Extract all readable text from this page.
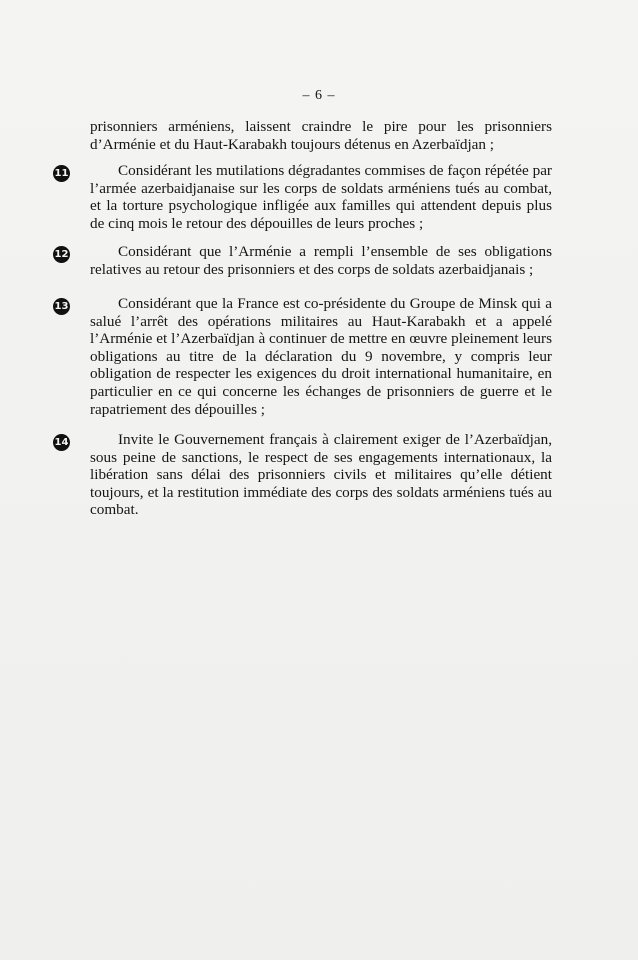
– 6 –
prisonniers arméniens, laissent craindre le pire pour les prisonniers d’Arménie et du Haut-Karabakh toujours détenus en Azerbaïdjan ;
11	Considérant les mutilations dégradantes commises de façon répétée par l’armée azerbaidjanaise sur les corps de soldats arméniens tués au combat, et la torture psychologique infligée aux familles qui attendent depuis plus de cinq mois le retour des dépouilles de leurs proches ;
12	Considérant que l’Arménie a rempli l’ensemble de ses obligations relatives au retour des prisonniers et des corps de soldats azerbaidjanais ;
13	Considérant que la France est co-présidente du Groupe de Minsk qui a salué l’arrêt des opérations militaires au Haut-Karabakh et a appelé l’Arménie et l’Azerbaïdjan à continuer de mettre en œuvre pleinement leurs obligations au titre de la déclaration du 9 novembre, y compris leur obligation de respecter les exigences du droit international humanitaire, en particulier en ce qui concerne les échanges de prisonniers de guerre et le rapatriement des dépouilles ;
14	Invite le Gouvernement français à clairement exiger de l’Azerbaïdjan, sous peine de sanctions, le respect de ses engagements internationaux, la libération sans délai des prisonniers civils et militaires qu’elle détient toujours, et la restitution immédiate des corps des soldats arméniens tués au combat.
